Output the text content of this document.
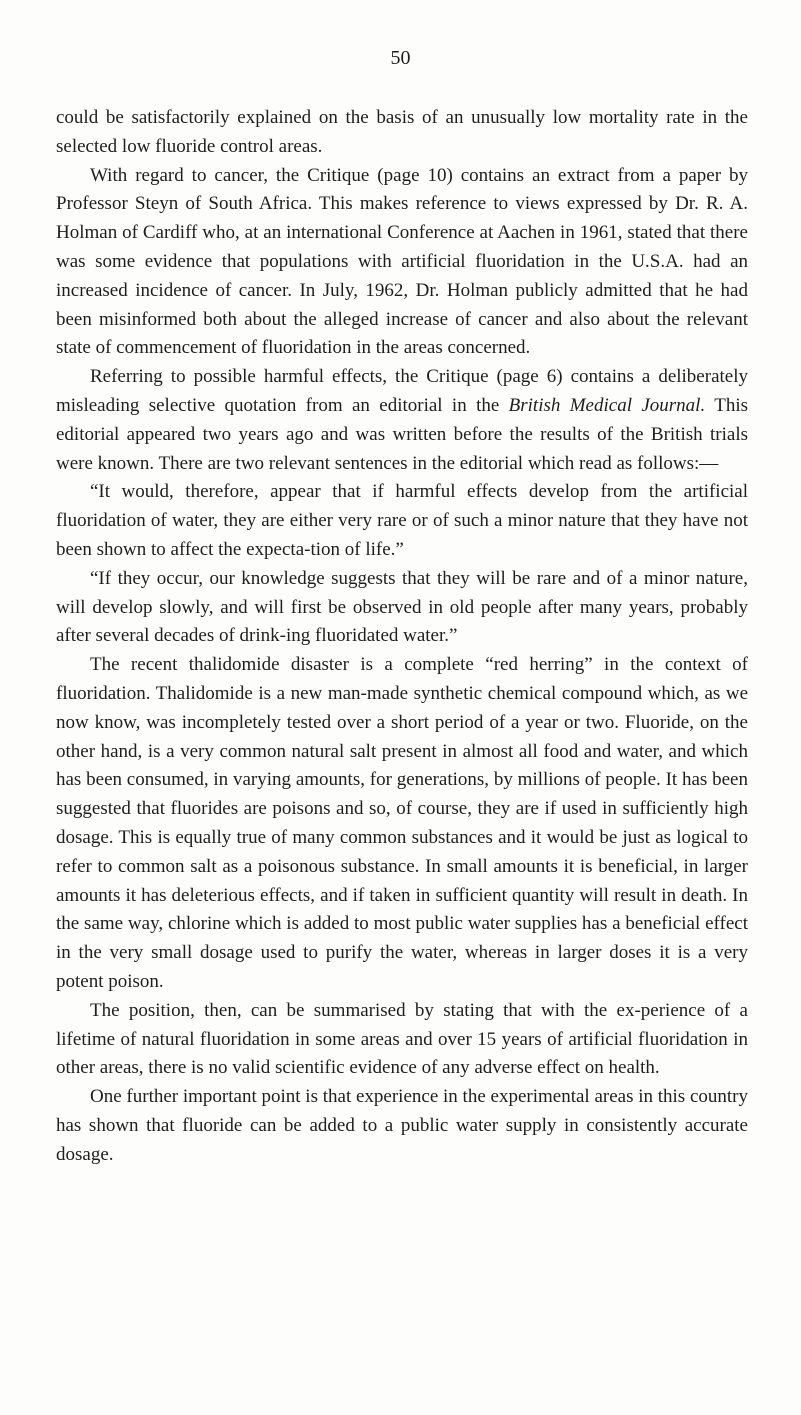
50

could be satisfactorily explained on the basis of an unusually low mortality rate in the selected low fluoride control areas.

With regard to cancer, the Critique (page 10) contains an extract from a paper by Professor Steyn of South Africa. This makes reference to views expressed by Dr. R. A. Holman of Cardiff who, at an international Conference at Aachen in 1961, stated that there was some evidence that populations with artificial fluoridation in the U.S.A. had an increased incidence of cancer. In July, 1962, Dr. Holman publicly admitted that he had been misinformed both about the alleged increase of cancer and also about the relevant state of commencement of fluoridation in the areas concerned.

Referring to possible harmful effects, the Critique (page 6) contains a deliberately misleading selective quotation from an editorial in the British Medical Journal. This editorial appeared two years ago and was written before the results of the British trials were known. There are two relevant sentences in the editorial which read as follows:—

“It would, therefore, appear that if harmful effects develop from the artificial fluoridation of water, they are either very rare or of such a minor nature that they have not been shown to affect the expecta-tion of life.”

“If they occur, our knowledge suggests that they will be rare and of a minor nature, will develop slowly, and will first be observed in old people after many years, probably after several decades of drink-ing fluoridated water.”

The recent thalidomide disaster is a complete “red herring” in the context of fluoridation. Thalidomide is a new man-made synthetic chemical compound which, as we now know, was incompletely tested over a short period of a year or two. Fluoride, on the other hand, is a very common natural salt present in almost all food and water, and which has been consumed, in varying amounts, for generations, by millions of people. It has been suggested that fluorides are poisons and so, of course, they are if used in sufficiently high dosage. This is equally true of many common substances and it would be just as logical to refer to common salt as a poisonous substance. In small amounts it is beneficial, in larger amounts it has deleterious effects, and if taken in sufficient quantity will result in death. In the same way, chlorine which is added to most public water supplies has a beneficial effect in the very small dosage used to purify the water, whereas in larger doses it is a very potent poison.

The position, then, can be summarised by stating that with the ex-perience of a lifetime of natural fluoridation in some areas and over 15 years of artificial fluoridation in other areas, there is no valid scientific evidence of any adverse effect on health.

One further important point is that experience in the experimental areas in this country has shown that fluoride can be added to a public water supply in consistently accurate dosage.
